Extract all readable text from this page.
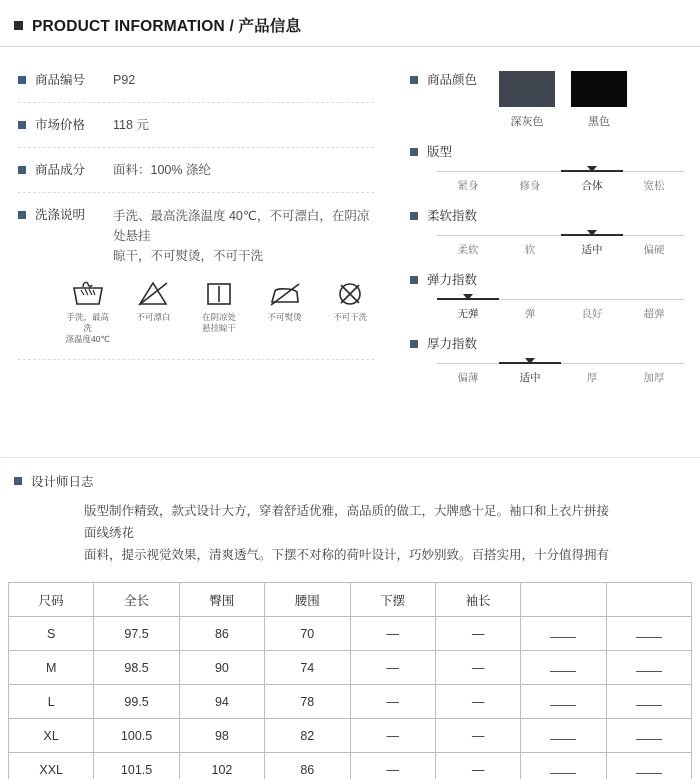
PRODUCT INFORMATION / 产品信息
商品编号	P92
市场价格	118 元
商品成分	面料：100% 涤纶
洗涤说明	手洗、最高洗涤温度 40℃，不可漂白，在阴凉处悬挂
晾干，不可熨烫，不可干洗
手洗，最高洗
涤温度40℃
不可漂白	在阴凉处
悬挂晾干
不可熨烫	不可干洗
商品颜色
深灰色	黑色
版型
紧身	修身	合体	宽松
柔软指数
柔软	软	适中	偏硬
弹力指数
无弹	弹	良好	超弹
厚力指数
偏薄	适中	厚	加厚
设计师日志
版型制作精致，款式设计大方，穿着舒适优雅，高品质的做工，大牌感十足。袖口和上衣片拼接面线绣花
面料，提示视觉效果，清爽透气。下摆不对称的荷叶设计，巧妙别致。百搭实用，十分值得拥有
尺码	全长	臀围	腰围	下摆	袖长		
S	97.5	86	70	—	—		
M	98.5	90	74	—	—		
L	99.5	94	78	—	—		
XL	100.5	98	82	—	—		
XXL	101.5	102	86	—	—		
